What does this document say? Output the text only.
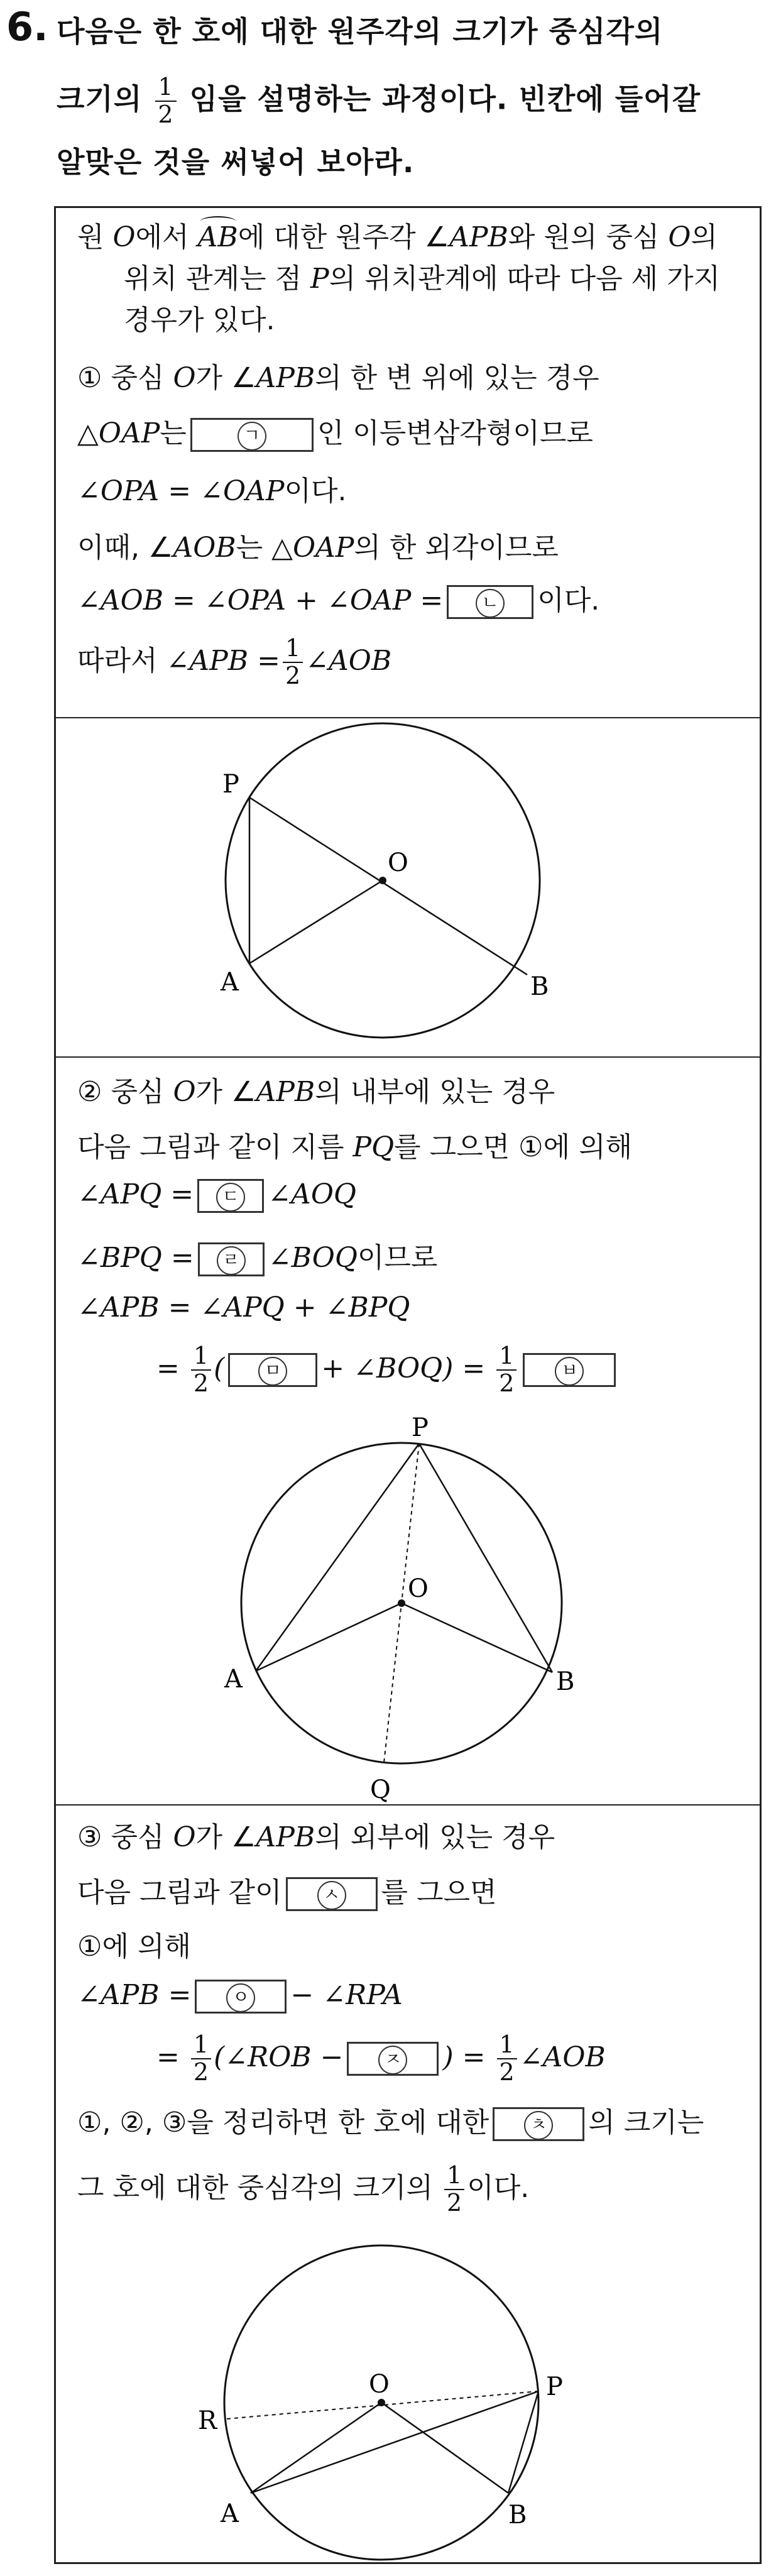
6. 다음은 한 호에 대한 원주각의 크기가 중심각의
크기의 $\frac{1}{2}$ 임을 설명하는 과정이다. 빈칸에 들어갈
알맞은 것을 써넣어 보아라.
원 O에서 AB에 대한 원주각 ∠APB와 원의 중심 O의
위치 관계는 점 P의 위치관계에 따라 다음 세 가지
경우가 있다.
① 중심 O가 ∠APB의 한 변 위에 있는 경우
△OAP는	ㄱ 인 이등변삼각형이므로
∠OPA = ∠OAP이다.
이때, ∠AOB는 △OAP의 한 외각이므로
∠AOB = ∠OPA + ∠OAP = ㄴ 이다.
따라서 ∠APB = $\frac{1}{2}$ ∠AOB
P
O
A	B
② 중심 O가 ∠APB의 내부에 있는 경우
다음 그림과 같이 지름 PQ를 그으면 ①에 의해
∠APQ = ㄷ ∠AOQ
∠BPQ = ㄹ ∠BOQ이므로
∠APB = ∠APQ + ∠BPQ
= $\frac{1}{2}$ ( ㅁ + ∠BOQ) = $\frac{1}{2}$	ㅂ
P
O
A	B
Q
③ 중심 O가 ∠APB의 외부에 있는 경우
다음 그림과 같이 ㅅ 를 그으면
①에 의해
∠APB = ㅇ − ∠RPA
= $\frac{1}{2}$ (∠ROB − ㅈ ) = $\frac{1}{2}$ ∠AOB
①, ②, ③을 정리하면 한 호에 대한 ㅊ 의 크기는
그 호에 대한 중심각의 크기의 $\frac{1}{2}$ 이다.
R
O	P
A	B
